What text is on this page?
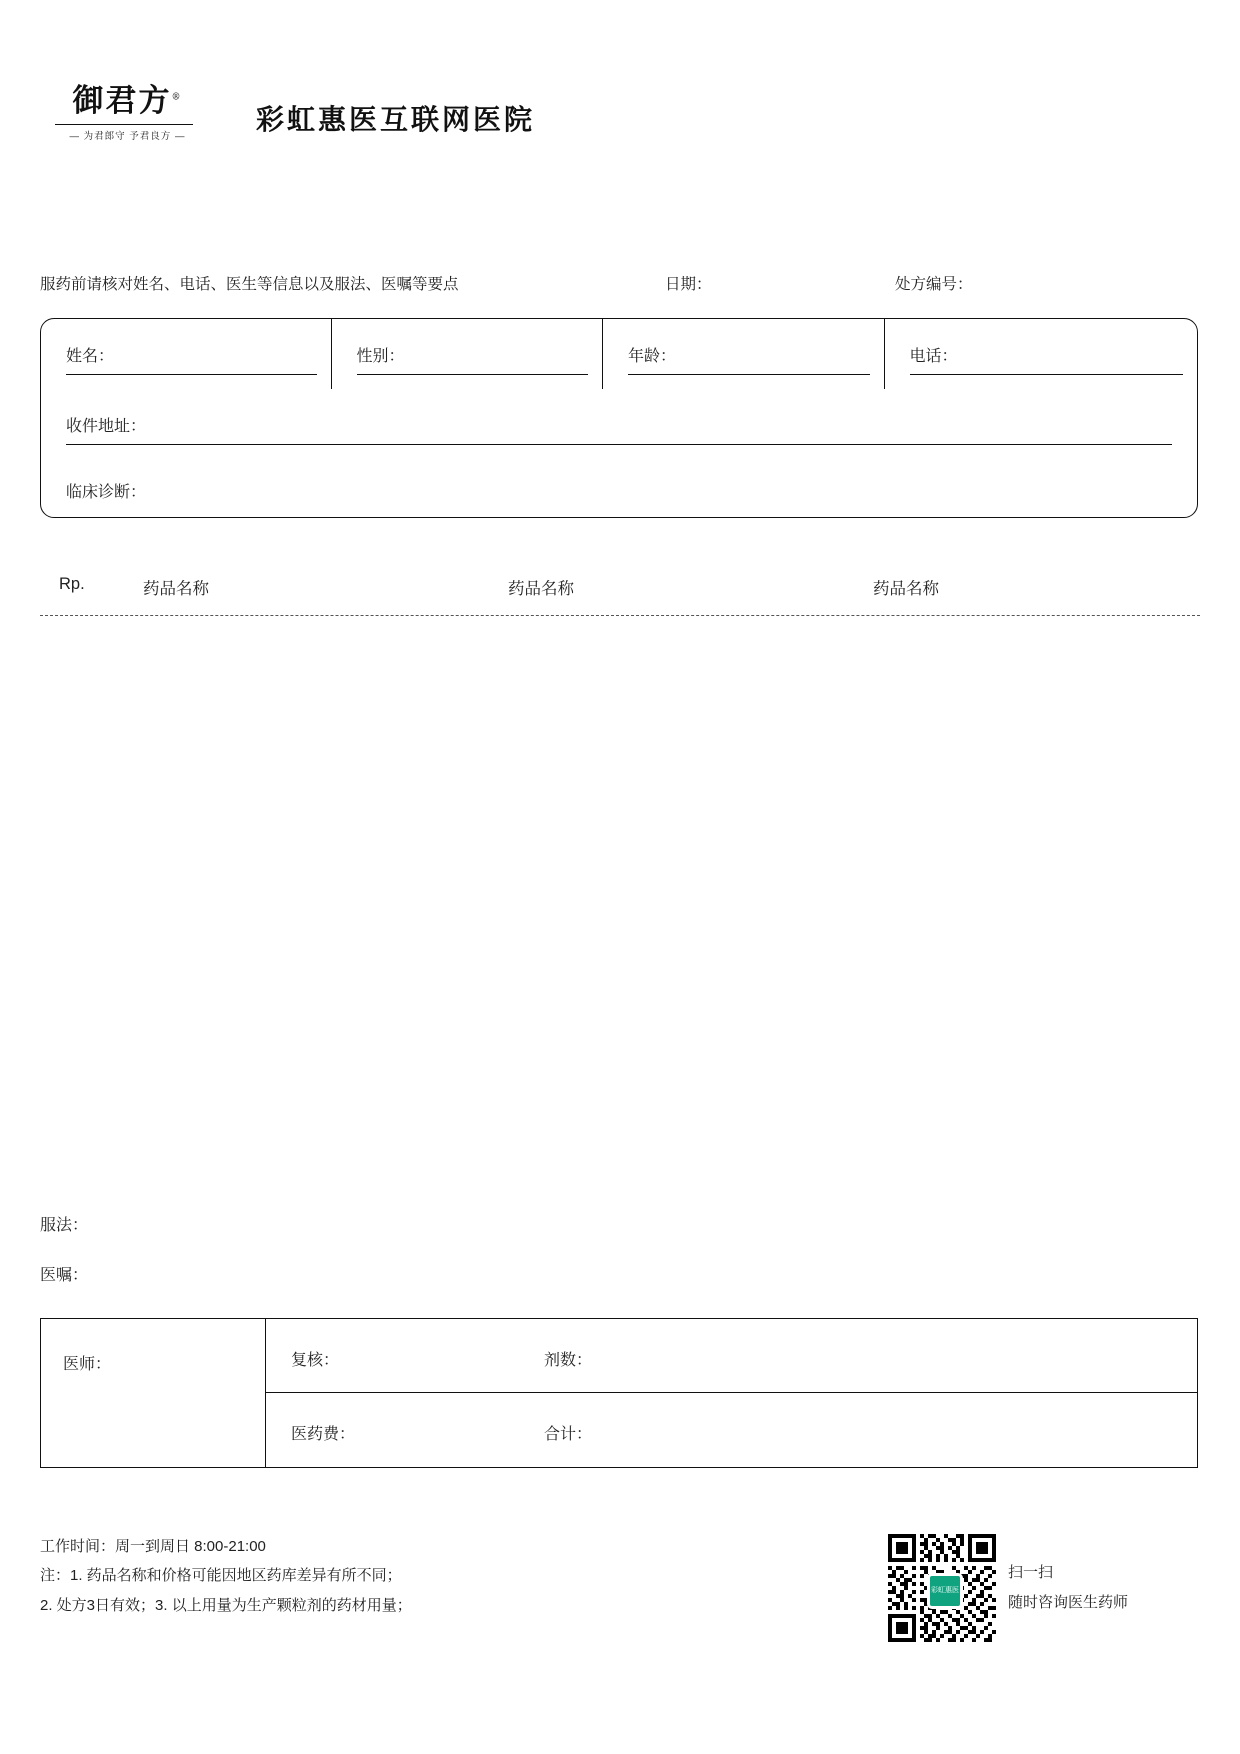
御君方®
— 为君郎守 予君良方 —
彩虹惠医互联网医院
服药前请核对姓名、电话、医生等信息以及服法、医嘱等要点	日期：	处方编号：
姓名：	性别：	年龄：	电话：
收件地址：
临床诊断：
Rp.	药品名称	药品名称	药品名称
服法：
医嘱：
医师：	复核：	剂数：
医药费：	合计：
工作时间：周一到周日 8:00-21:00
注：1. 药品名称和价格可能因地区药库差异有所不同；
2. 处方3日有效；3. 以上用量为生产颗粒剂的药材用量；
彩虹惠医
扫一扫
随时咨询医生药师
